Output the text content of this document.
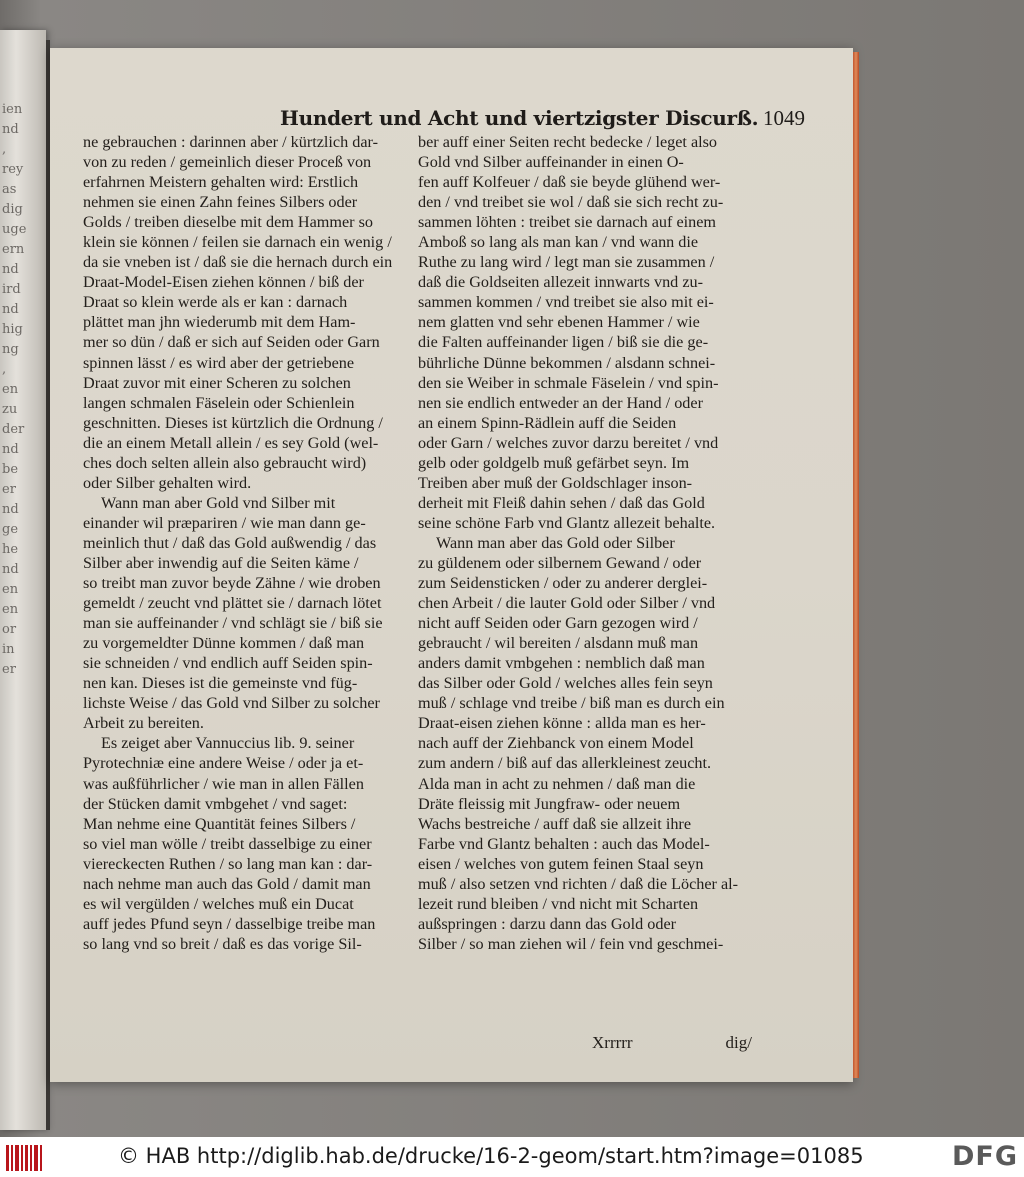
ien
nd
,
rey
as
dig
uge
ern
nd
ird
nd
hig
ng
,
en
zu
der
nd
be
er
nd
ge
he
nd
en
en
or
in
er
Hundert und Acht und viertzigster Discurß. 1049
ne gebrauchen : darinnen aber / kürtzlich dar-
von zu reden / gemeinlich dieser Proceß von
erfahrnen Meistern gehalten wird: Erstlich
nehmen sie einen Zahn feines Silbers oder
Golds / treiben dieselbe mit dem Hammer so
klein sie können / feilen sie darnach ein wenig /
da sie vneben ist / daß sie die hernach durch ein
Draat-Model-Eisen ziehen können / biß der
Draat so klein werde als er kan : darnach
plättet man jhn wiederumb mit dem Ham-
mer so dün / daß er sich auf Seiden oder Garn
spinnen lässt / es wird aber der getriebene
Draat zuvor mit einer Scheren zu solchen
langen schmalen Fäselein oder Schienlein
geschnitten. Dieses ist kürtzlich die Ordnung /
die an einem Metall allein / es sey Gold (wel-
ches doch selten allein also gebraucht wird)
oder Silber gehalten wird.
Wann man aber Gold vnd Silber mit
einander wil præpariren / wie man dann ge-
meinlich thut / daß das Gold außwendig / das
Silber aber inwendig auf die Seiten käme /
so treibt man zuvor beyde Zähne / wie droben
gemeldt / zeucht vnd plättet sie / darnach lötet
man sie auffeinander / vnd schlägt sie / biß sie
zu vorgemeldter Dünne kommen / daß man
sie schneiden / vnd endlich auff Seiden spin-
nen kan. Dieses ist die gemeinste vnd füg-
lichste Weise / das Gold vnd Silber zu solcher
Arbeit zu bereiten.
Es zeiget aber Vannuccius lib. 9. seiner
Pyrotechniæ eine andere Weise / oder ja et-
was außführlicher / wie man in allen Fällen
der Stücken damit vmbgehet / vnd saget:
Man nehme eine Quantität feines Silbers /
so viel man wölle / treibt dasselbige zu einer
viereckecten Ruthen / so lang man kan : dar-
nach nehme man auch das Gold / damit man
es wil vergülden / welches muß ein Ducat
auff jedes Pfund seyn / dasselbige treibe man
so lang vnd so breit / daß es das vorige Sil-
ber auff einer Seiten recht bedecke / leget also
Gold vnd Silber auffeinander in einen O-
fen auff Kolfeuer / daß sie beyde glühend wer-
den / vnd treibet sie wol / daß sie sich recht zu-
sammen löhten : treibet sie darnach auf einem
Amboß so lang als man kan / vnd wann die
Ruthe zu lang wird / legt man sie zusammen /
daß die Goldseiten allezeit innwarts vnd zu-
sammen kommen / vnd treibet sie also mit ei-
nem glatten vnd sehr ebenen Hammer / wie
die Falten auffeinander ligen / biß sie die ge-
bührliche Dünne bekommen / alsdann schnei-
den sie Weiber in schmale Fäselein / vnd spin-
nen sie endlich entweder an der Hand / oder
an einem Spinn-Rädlein auff die Seiden
oder Garn / welches zuvor darzu bereitet / vnd
gelb oder goldgelb muß gefärbet seyn. Im
Treiben aber muß der Goldschlager inson-
derheit mit Fleiß dahin sehen / daß das Gold
seine schöne Farb vnd Glantz allezeit behalte.
Wann man aber das Gold oder Silber
zu güldenem oder silbernem Gewand / oder
zum Seidensticken / oder zu anderer derglei-
chen Arbeit / die lauter Gold oder Silber / vnd
nicht auff Seiden oder Garn gezogen wird /
gebraucht / wil bereiten / alsdann muß man
anders damit vmbgehen : nemblich daß man
das Silber oder Gold / welches alles fein seyn
muß / schlage vnd treibe / biß man es durch ein
Draat-eisen ziehen könne : allda man es her-
nach auff der Ziehbanck von einem Model
zum andern / biß auf das allerkleinest zeucht.
Alda man in acht zu nehmen / daß man die
Dräte fleissig mit Jungfraw- oder neuem
Wachs bestreiche / auff daß sie allzeit ihre
Farbe vnd Glantz behalten : auch das Model-
eisen / welches von gutem feinen Staal seyn
muß / also setzen vnd richten / daß die Löcher al-
lezeit rund bleiben / vnd nicht mit Scharten
außspringen : darzu dann das Gold oder
Silber / so man ziehen wil / fein vnd geschmei-
Xrrrrr	dig/
© HAB http://diglib.hab.de/drucke/16-2-geom/start.htm?image=01085	DFG
